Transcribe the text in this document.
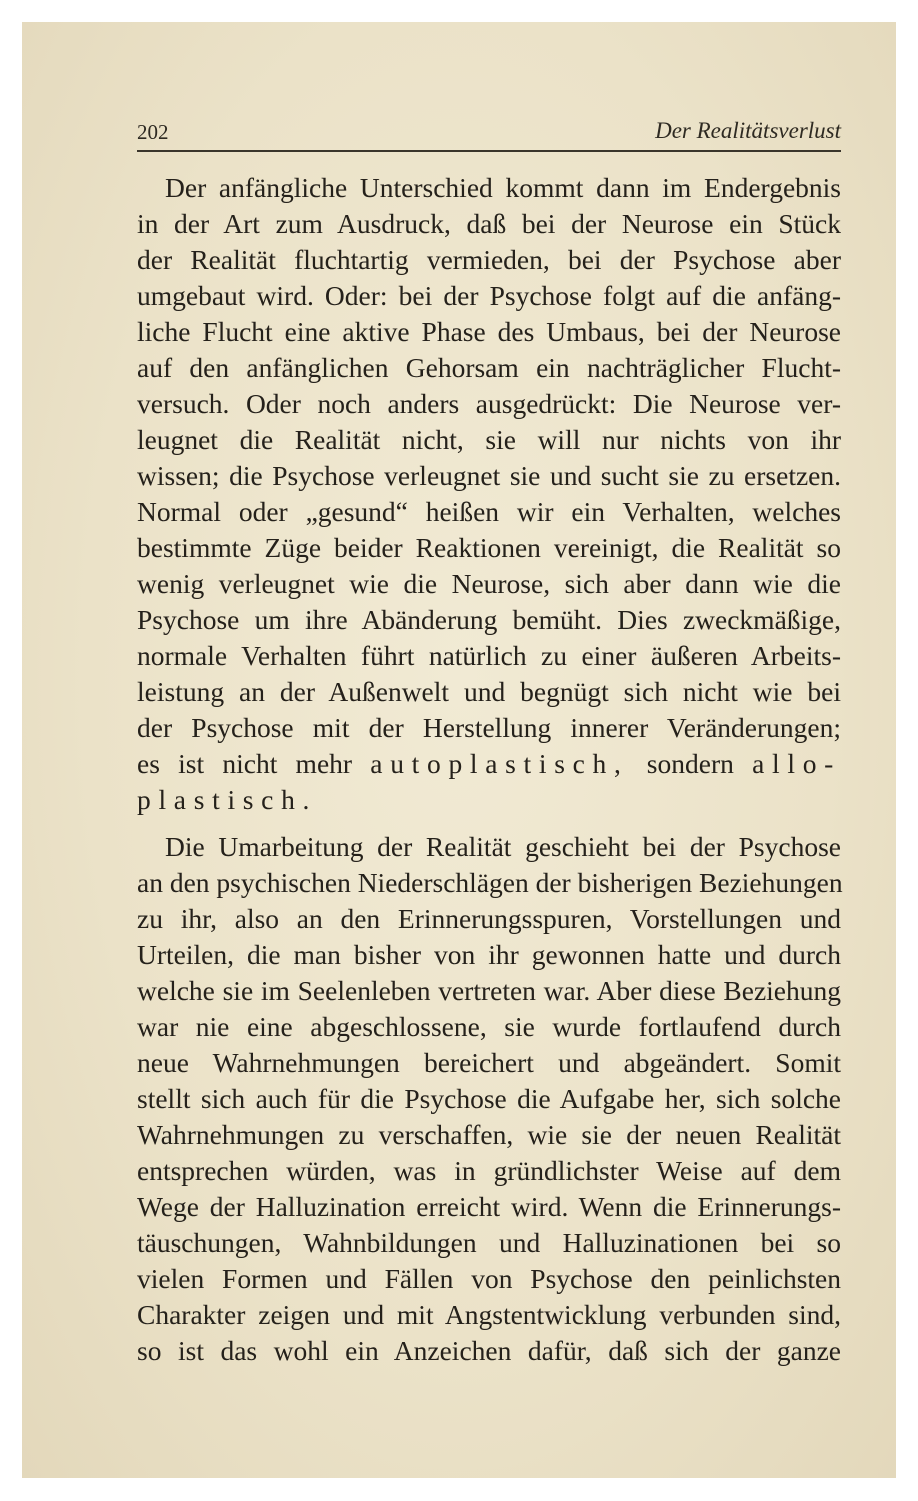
202	Der Realitätsverlust
Der anfängliche Unterschied kommt dann im Endergebnis
in der Art zum Ausdruck, daß bei der Neurose ein Stück
der Realität fluchtartig vermieden, bei der Psychose aber
umgebaut wird. Oder: bei der Psychose folgt auf die anfäng-
liche Flucht eine aktive Phase des Umbaus, bei der Neurose
auf den anfänglichen Gehorsam ein nachträglicher Flucht-
versuch. Oder noch anders ausgedrückt: Die Neurose ver-
leugnet die Realität nicht, sie will nur nichts von ihr
wissen; die Psychose verleugnet sie und sucht sie zu ersetzen.
Normal oder „gesund“ heißen wir ein Verhalten, welches
bestimmte Züge beider Reaktionen vereinigt, die Realität so
wenig verleugnet wie die Neurose, sich aber dann wie die
Psychose um ihre Abänderung bemüht. Dies zweckmäßige,
normale Verhalten führt natürlich zu einer äußeren Arbeits-
leistung an der Außenwelt und begnügt sich nicht wie bei
der Psychose mit der Herstellung innerer Veränderungen;
es ist nicht mehr autoplastisch, sondern allo-
plastisch.
Die Umarbeitung der Realität geschieht bei der Psychose
an den psychischen Niederschlägen der bisherigen Beziehungen
zu ihr, also an den Erinnerungsspuren, Vorstellungen und
Urteilen, die man bisher von ihr gewonnen hatte und durch
welche sie im Seelenleben vertreten war. Aber diese Beziehung
war nie eine abgeschlossene, sie wurde fortlaufend durch
neue Wahrnehmungen bereichert und abgeändert. Somit
stellt sich auch für die Psychose die Aufgabe her, sich solche
Wahrnehmungen zu verschaffen, wie sie der neuen Realität
entsprechen würden, was in gründlichster Weise auf dem
Wege der Halluzination erreicht wird. Wenn die Erinnerungs-
täuschungen, Wahnbildungen und Halluzinationen bei so
vielen Formen und Fällen von Psychose den peinlichsten
Charakter zeigen und mit Angstentwicklung verbunden sind,
so ist das wohl ein Anzeichen dafür, daß sich der ganze
